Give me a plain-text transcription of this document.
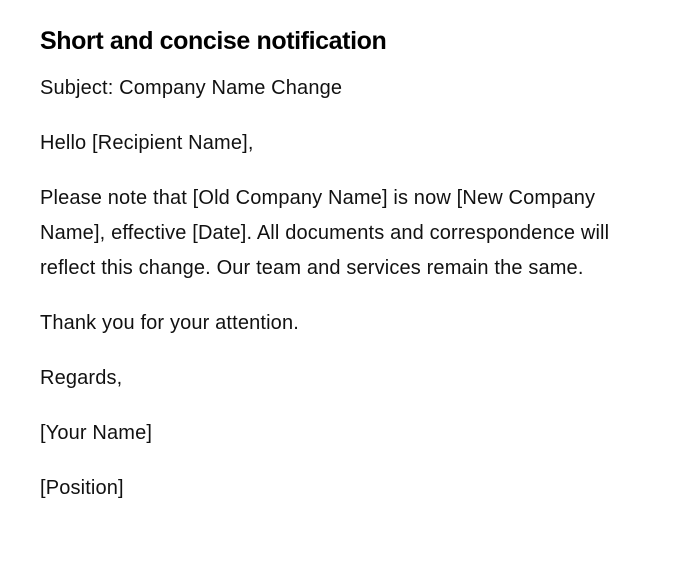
Short and concise notification

Subject: Company Name Change

Hello [Recipient Name],

Please note that [Old Company Name] is now [New Company Name], effective [Date]. All documents and correspondence will reflect this change. Our team and services remain the same.

Thank you for your attention.

Regards,

[Your Name]

[Position]
